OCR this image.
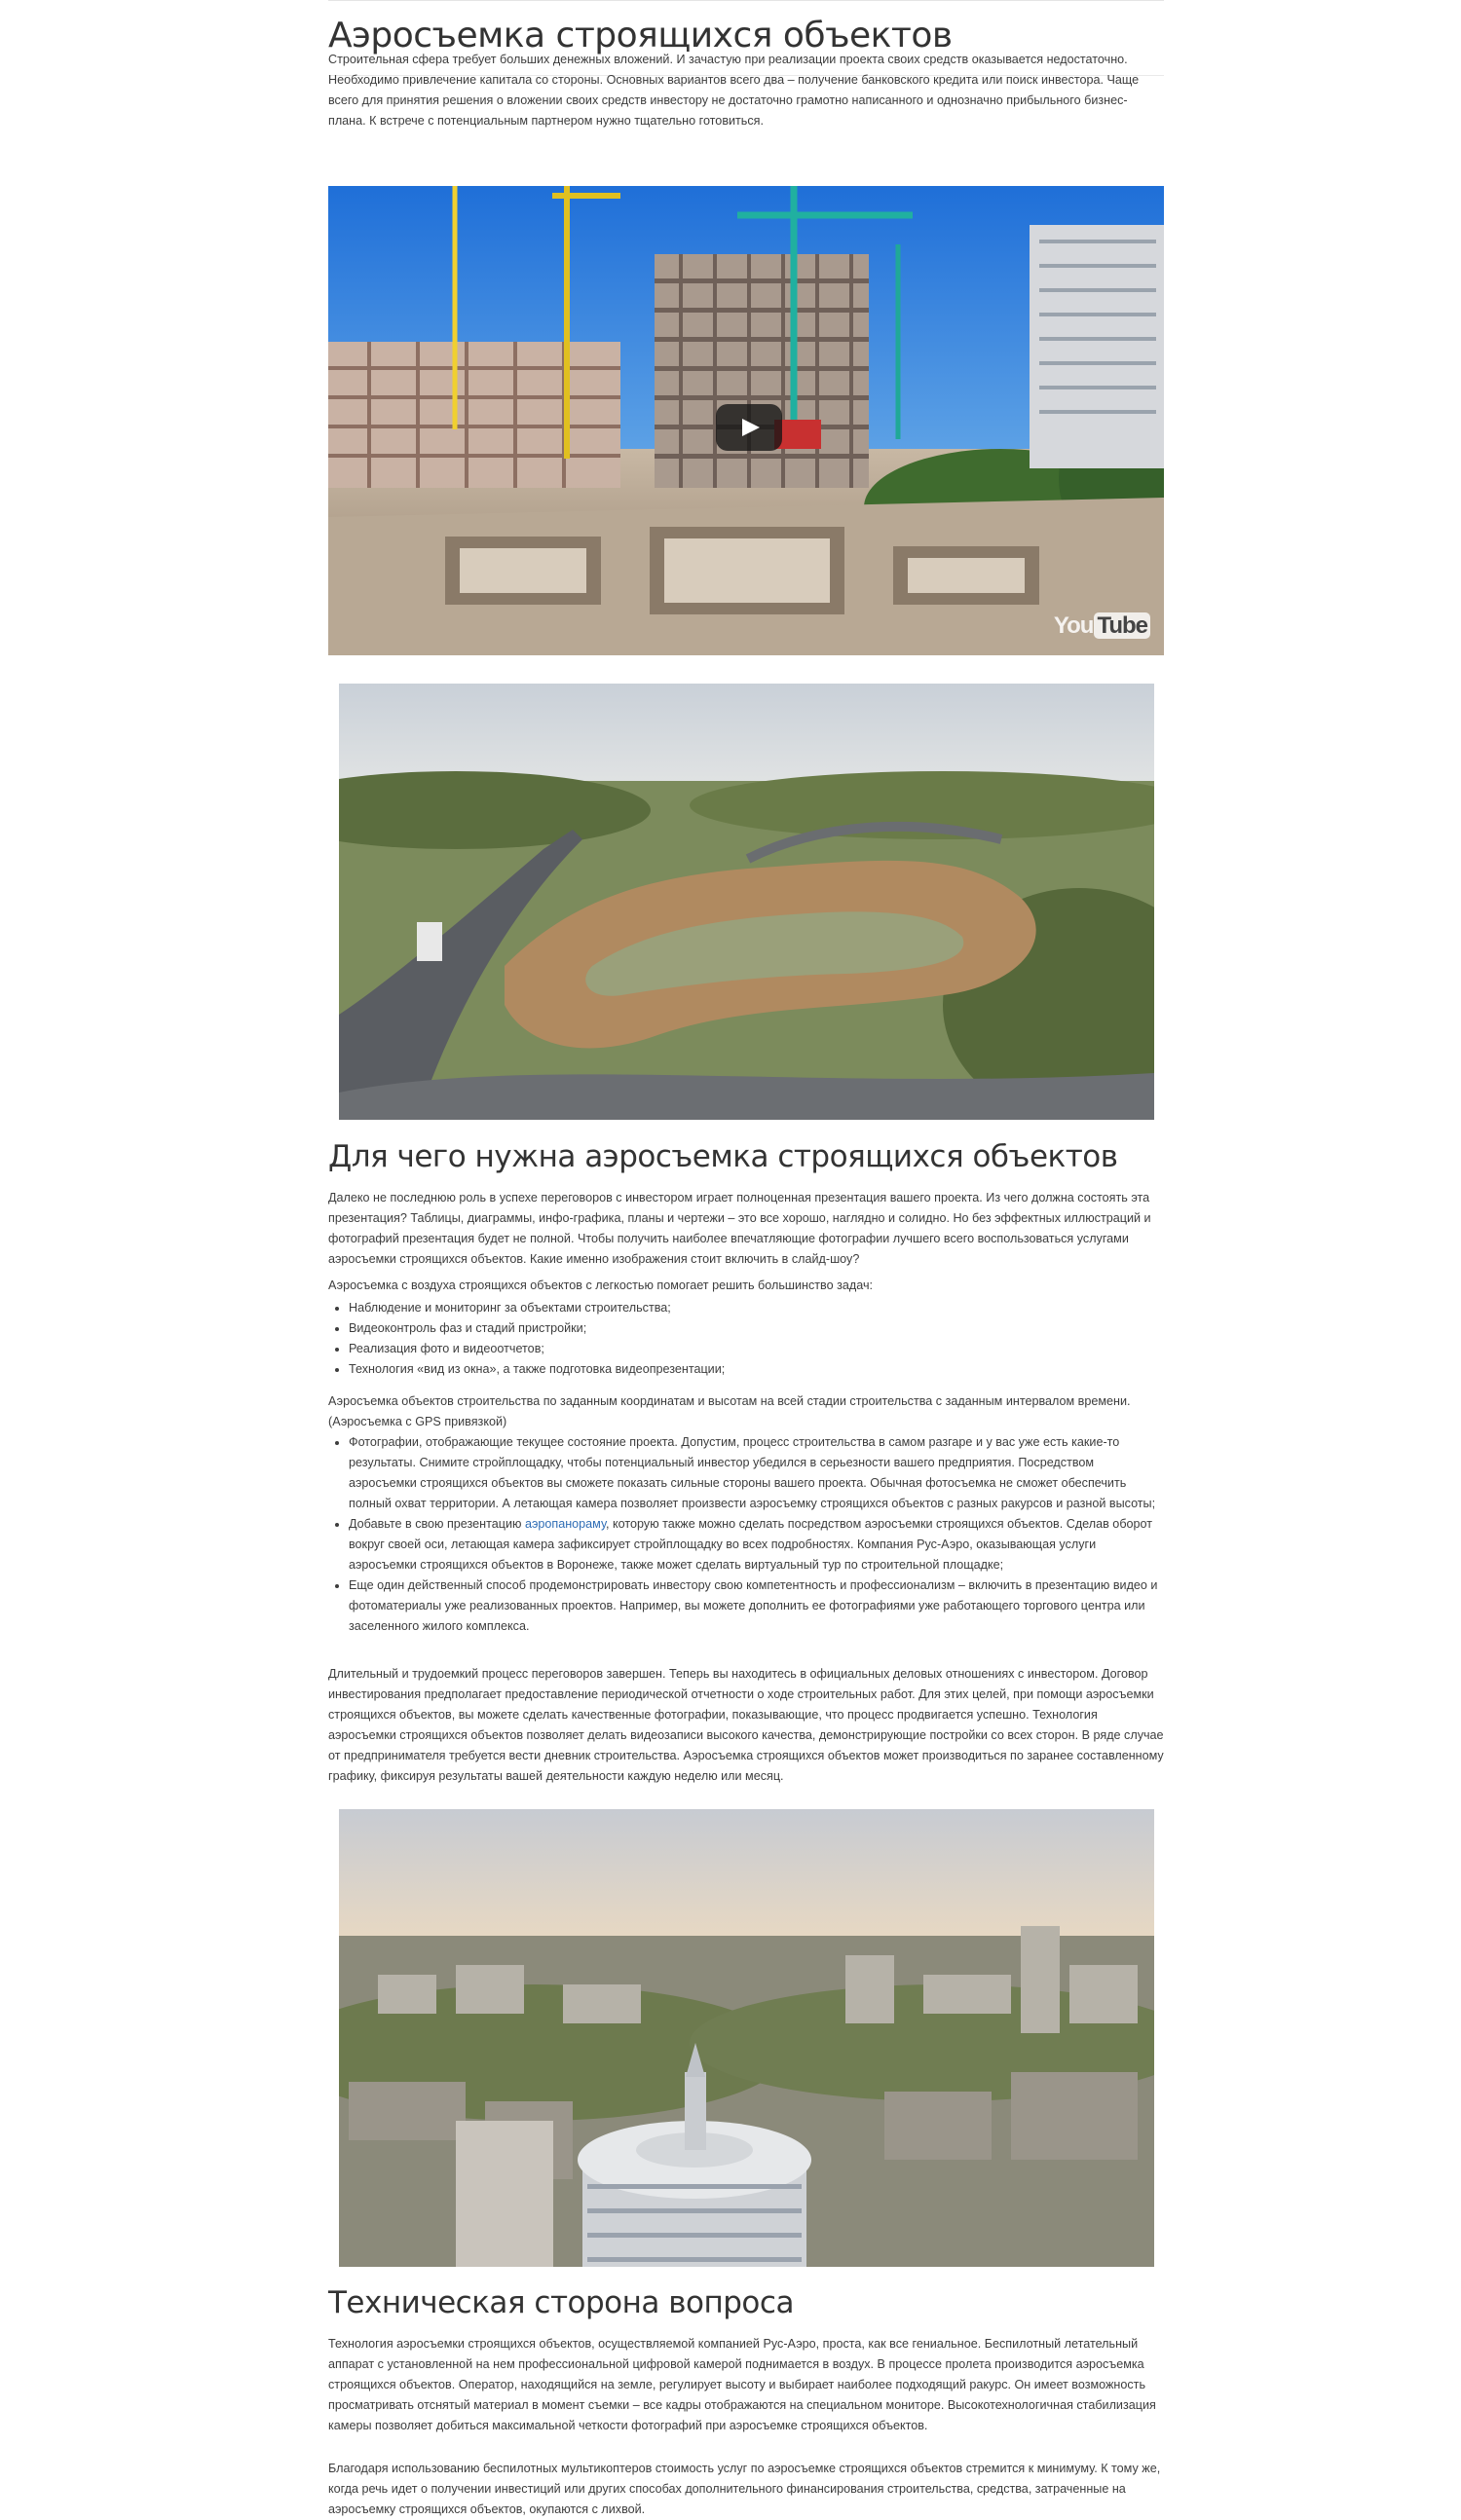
Аэросъемка строящихся объектов

Строительная сфера требует больших денежных вложений. И зачастую при реализации проекта своих средств оказывается недостаточно. Необходимо привлечение капитала со стороны. Основных вариантов всего два – получение банковского кредита или поиск инвестора. Чаще всего для принятия решения о вложении своих средств инвестору не достаточно грамотно написанного и однозначно прибыльного бизнес-плана. К встрече с потенциальным партнером нужно тщательно готовиться.

You Tube
Для чего нужна аэросъемка строящихся объектов

Далеко не последнюю роль в успехе переговоров с инвестором играет полноценная презентация вашего проекта. Из чего должна состоять эта презентация? Таблицы, диаграммы, инфо-графика, планы и чертежи – это все хорошо, наглядно и солидно. Но без эффектных иллюстраций и фотографий презентация будет не полной. Чтобы получить наиболее впечатляющие фотографии лучшего всего воспользоваться услугами аэросъемки строящихся объектов. Какие именно изображения стоит включить в слайд-шоу?

Аэросъемка с воздуха строящихся объектов с легкостью помогает решить большинство задач:

• Наблюдение и мониторинг за объектами строительства;
• Видеоконтроль фаз и стадий пристройки;
• Реализация фото и видеоотчетов;
• Технология «вид из окна», а также подготовка видеопрезентации;

Аэросъемка объектов строительства по заданным координатам и высотам на всей стадии строительства с заданным интервалом времени. (Аэросъемка с GPS привязкой)

• Фотографии, отображающие текущее состояние проекта. Допустим, процесс строительства в самом разгаре и у вас уже есть какие-то результаты. Снимите стройплощадку, чтобы потенциальный инвестор убедился в серьезности вашего предприятия. Посредством аэросъемки строящихся объектов вы сможете показать сильные стороны вашего проекта. Обычная фотосъемка не сможет обеспечить полный охват территории. А летающая камера позволяет произвести аэросъемку строящихся объектов с разных ракурсов и разной высоты;
• Добавьте в свою презентацию аэропанораму, которую также можно сделать посредством аэросъемки строящихся объектов. Сделав оборот вокруг своей оси, летающая камера зафиксирует стройплощадку во всех подробностях. Компания Рус-Аэро, оказывающая услуги аэросъемки строящихся объектов в Воронеже, также может сделать виртуальный тур по строительной площадке;
• Еще один действенный способ продемонстрировать инвестору свою компетентность и профессионализм – включить в презентацию видео и фотоматериалы уже реализованных проектов. Например, вы можете дополнить ее фотографиями уже работающего торгового центра или заселенного жилого комплекса.

Длительный и трудоемкий процесс переговоров завершен. Теперь вы находитесь в официальных деловых отношениях с инвестором. Договор инвестирования предполагает предоставление периодической отчетности о ходе строительных работ. Для этих целей, при помощи аэросъемки строящихся объектов, вы можете сделать качественные фотографии, показывающие, что процесс продвигается успешно. Технология аэросъемки строящихся объектов позволяет делать видеозаписи высокого качества, демонстрирующие постройки со всех сторон. В ряде случае от предпринимателя требуется вести дневник строительства. Аэросъемка строящихся объектов может производиться по заранее составленному графику, фиксируя результаты вашей деятельности каждую неделю или месяц.

Техническая сторона вопроса

Технология аэросъемки строящихся объектов, осуществляемой компанией Рус-Аэро, проста, как все гениальное. Беспилотный летательный аппарат с установленной на нем профессиональной цифровой камерой поднимается в воздух. В процессе пролета производится аэросъемка строящихся объектов. Оператор, находящийся на земле, регулирует высоту и выбирает наиболее подходящий ракурс. Он имеет возможность просматривать отснятый материал в момент съемки – все кадры отображаются на специальном мониторе. Высокотехнологичная стабилизация камеры позволяет добиться максимальной четкости фотографий при аэросъемке строящихся объектов.

Благодаря использованию беспилотных мультикоптеров стоимость услуг по аэросъемке строящихся объектов стремится к минимуму. К тому же, когда речь идет о получении инвестиций или других способах дополнительного финансирования строительства, средства, затраченные на аэросъемку строящихся объектов, окупаются с лихвой.
